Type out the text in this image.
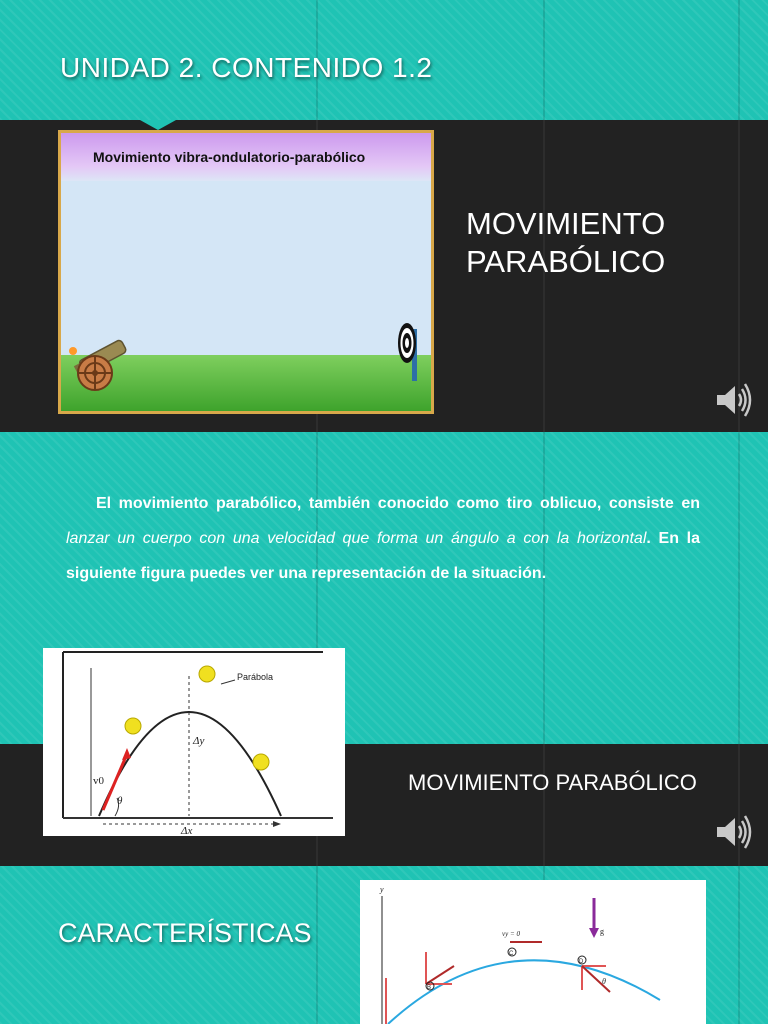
UNIDAD 2. CONTENIDO 1.2
Movimiento vibra-ondulatorio-parabólico
MOVIMIENTO
PARABÓLICO

El movimiento parabólico, también conocido como tiro oblicuo, consiste en lanzar un cuerpo con una velocidad que forma un ángulo a con la horizontal. En la siguiente figura puedes ver una representación de la situación.

Parábola
Δy
Δx
v0
θ
MOVIMIENTO PARABÓLICO
CARACTERÍSTICAS
y
g
vy = 0
B
C
D
θ
